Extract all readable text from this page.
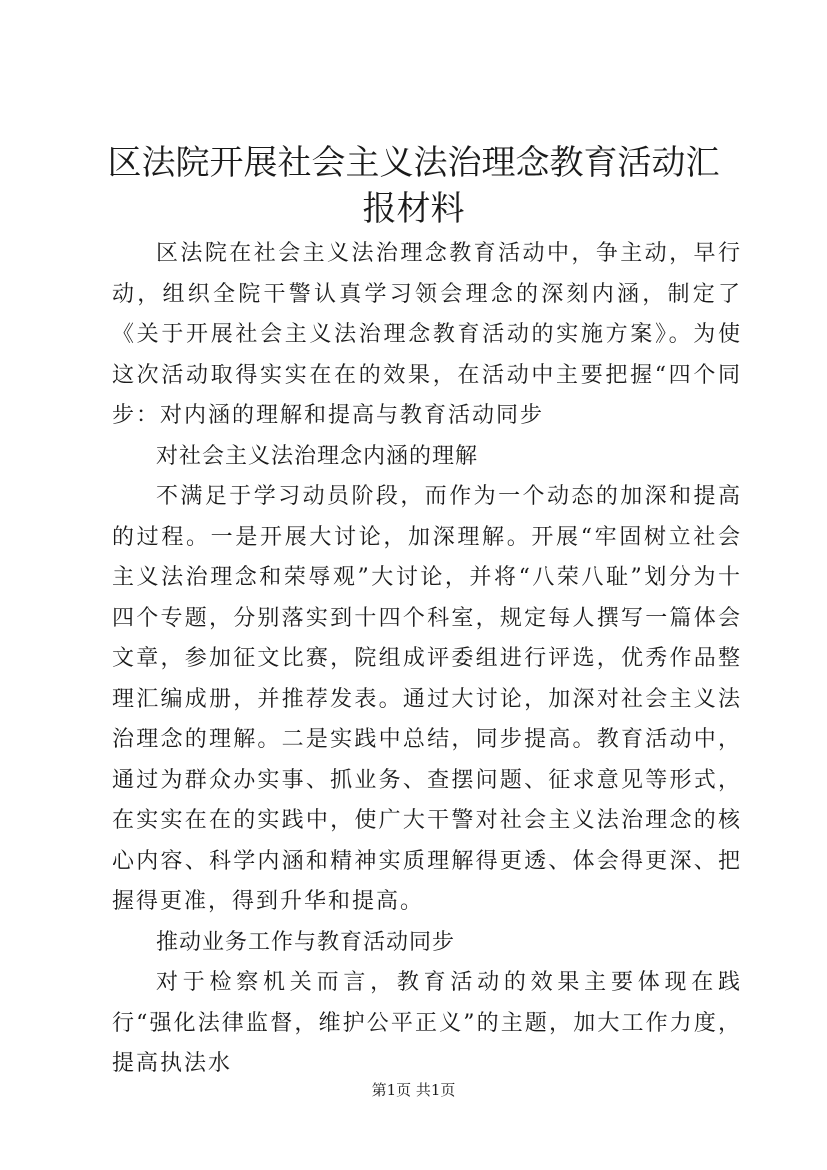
区法院开展社会主义法治理念教育活动汇报材料

区法院在社会主义法治理念教育活动中，争主动，早行动，组织全院干警认真学习领会理念的深刻内涵，制定了《关于开展社会主义法治理念教育活动的实施方案》。为使这次活动取得实实在在的效果，在活动中主要把握“四个同步：对内涵的理解和提高与教育活动同步

对社会主义法治理念内涵的理解

不满足于学习动员阶段，而作为一个动态的加深和提高的过程。一是开展大讨论，加深理解。开展“牢固树立社会主义法治理念和荣辱观”大讨论，并将“八荣八耻”划分为十四个专题，分别落实到十四个科室，规定每人撰写一篇体会文章，参加征文比赛，院组成评委组进行评选，优秀作品整理汇编成册，并推荐发表。通过大讨论，加深对社会主义法治理念的理解。二是实践中总结，同步提高。教育活动中，通过为群众办实事、抓业务、查摆问题、征求意见等形式，在实实在在的实践中，使广大干警对社会主义法治理念的核心内容、科学内涵和精神实质理解得更透、体会得更深、把握得更准，得到升华和提高。

推动业务工作与教育活动同步

对于检察机关而言，教育活动的效果主要体现在践行“强化法律监督，维护公平正义”的主题，加大工作力度，提高执法水

第1页 共1页
